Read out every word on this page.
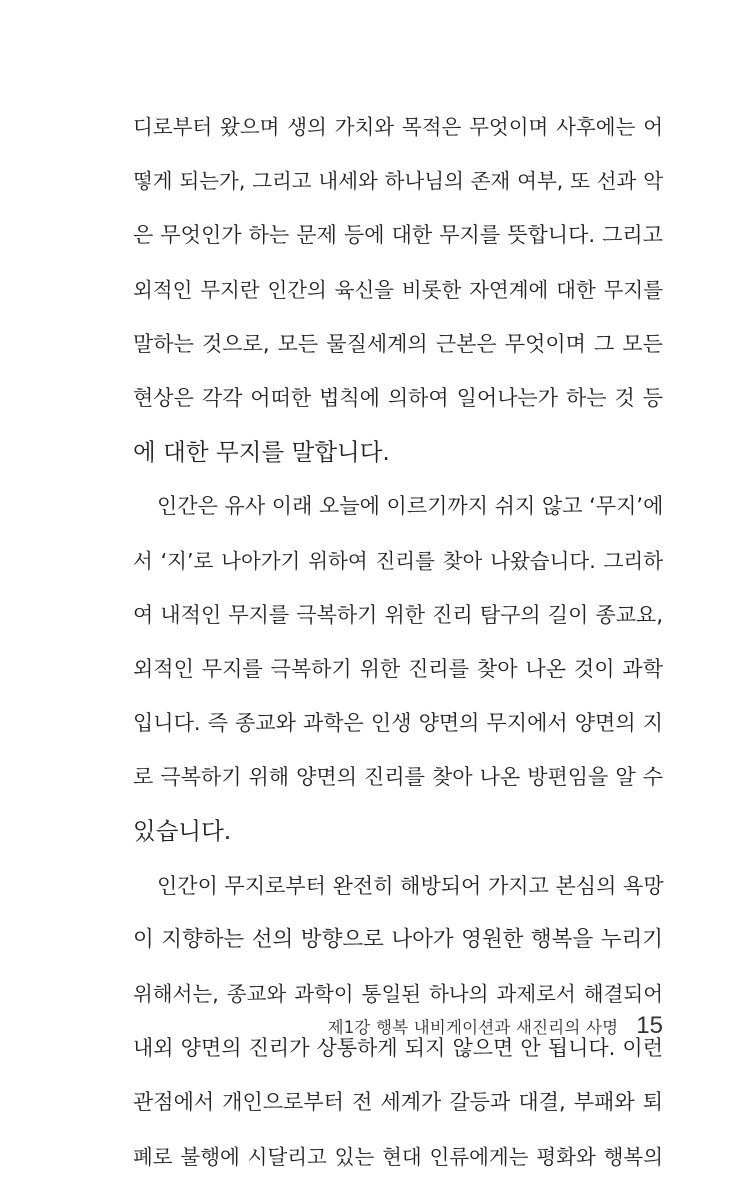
디로부터 왔으며 생의 가치와 목적은 무엇이며 사후에는 어
떻게 되는가, 그리고 내세와 하나님의 존재 여부, 또 선과 악
은 무엇인가 하는 문제 등에 대한 무지를 뜻합니다. 그리고
외적인 무지란 인간의 육신을 비롯한 자연계에 대한 무지를
말하는 것으로, 모든 물질세계의 근본은 무엇이며 그 모든
현상은 각각 어떠한 법칙에 의하여 일어나는가 하는 것 등
에 대한 무지를 말합니다.
인간은 유사 이래 오늘에 이르기까지 쉬지 않고 ‘무지’에
서 ‘지’로 나아가기 위하여 진리를 찾아 나왔습니다. 그리하
여 내적인 무지를 극복하기 위한 진리 탐구의 길이 종교요,
외적인 무지를 극복하기 위한 진리를 찾아 나온 것이 과학
입니다. 즉 종교와 과학은 인생 양면의 무지에서 양면의 지
로 극복하기 위해 양면의 진리를 찾아 나온 방편임을 알 수
있습니다.
인간이 무지로부터 완전히 해방되어 가지고 본심의 욕망
이 지향하는 선의 방향으로 나아가 영원한 행복을 누리기
위해서는, 종교와 과학이 통일된 하나의 과제로서 해결되어
내외 양면의 진리가 상통하게 되지 않으면 안 됩니다. 이런
관점에서 개인으로부터 전 세계가 갈등과 대결, 부패와 퇴
폐로 불행에 시달리고 있는 현대 인류에게는 평화와 행복의
제1강 행복 내비게이션과 새진리의 사명 15
